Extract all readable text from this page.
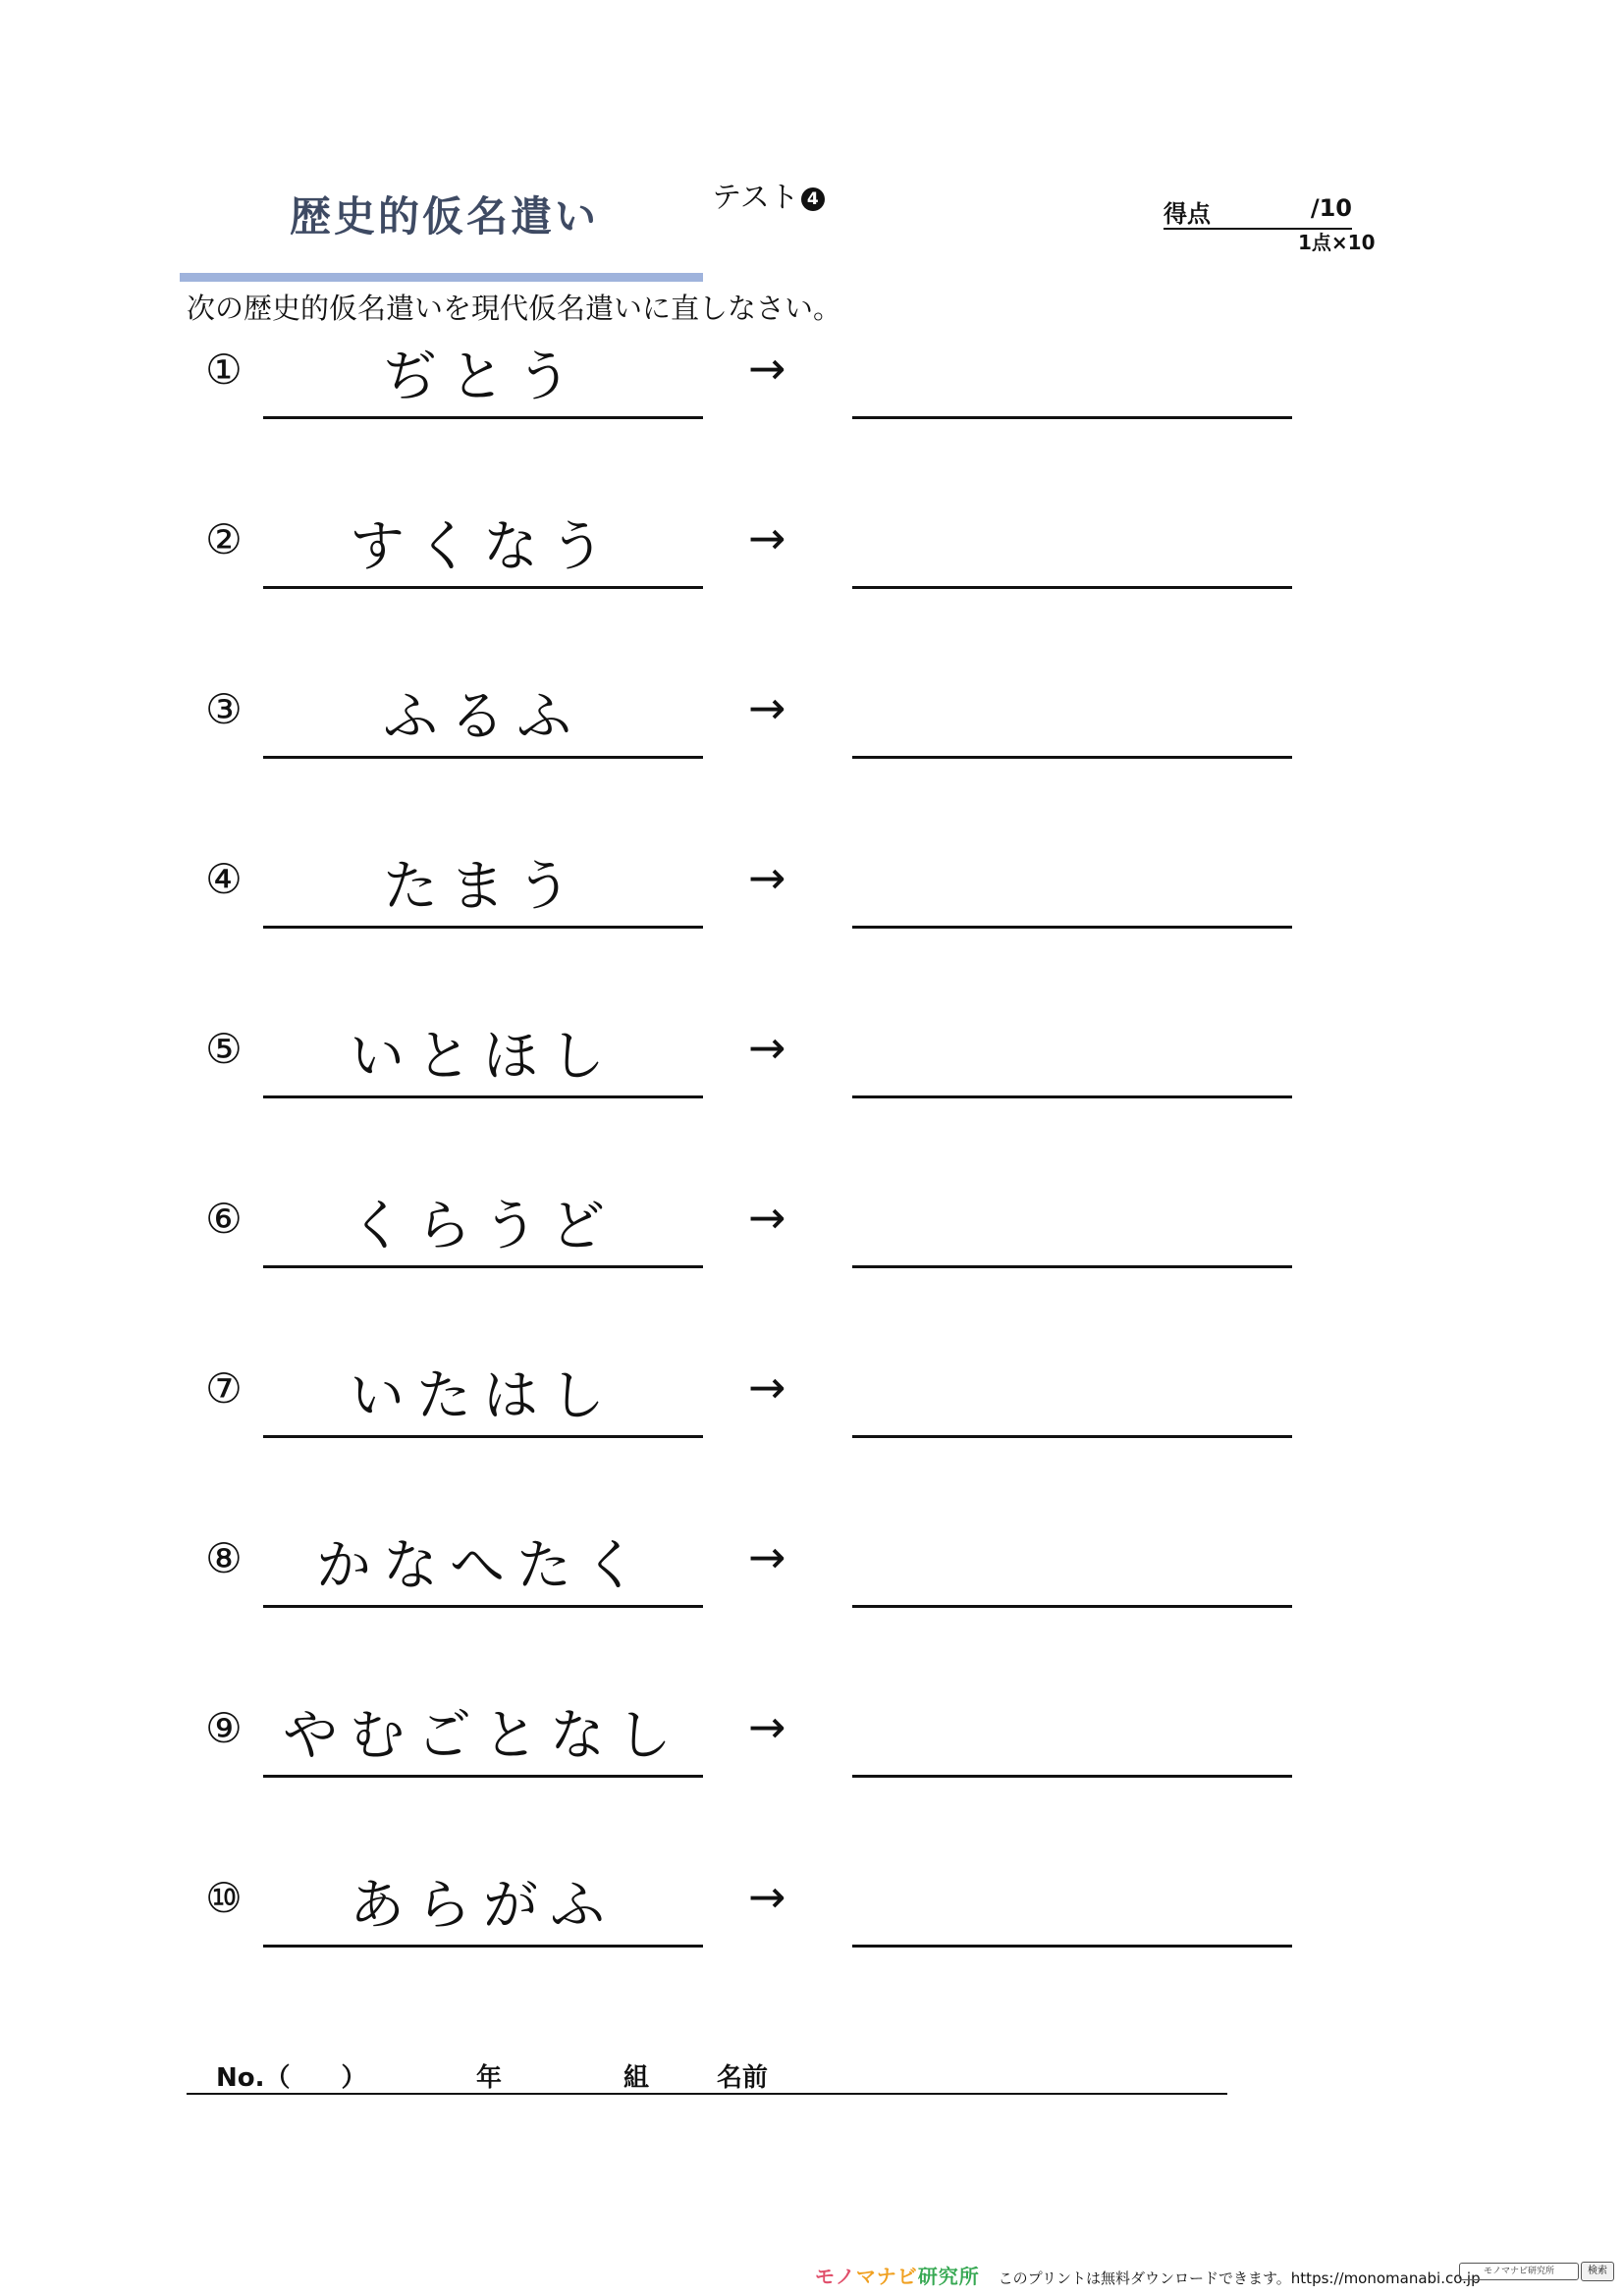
歴史的仮名遣い	テスト 4
得点	/10
1点×10
次の歴史的仮名遣いを現代仮名遣いに直しなさい。
①	ぢとう	→
②	すくなう	→
③	ふるふ	→
④	たまう	→
⑤	いとほし	→
⑥	くらうど	→
⑦	いたはし	→
⑧	かなへたく	→
⑨ やむごとなし	→
⑩	あらがふ	→
No.（　　）	年	組	名前
モノマナビ研究所 このプリントは無料ダウンロードできます。https://monomanabi.co.jp モノマナビ研究所	検索
